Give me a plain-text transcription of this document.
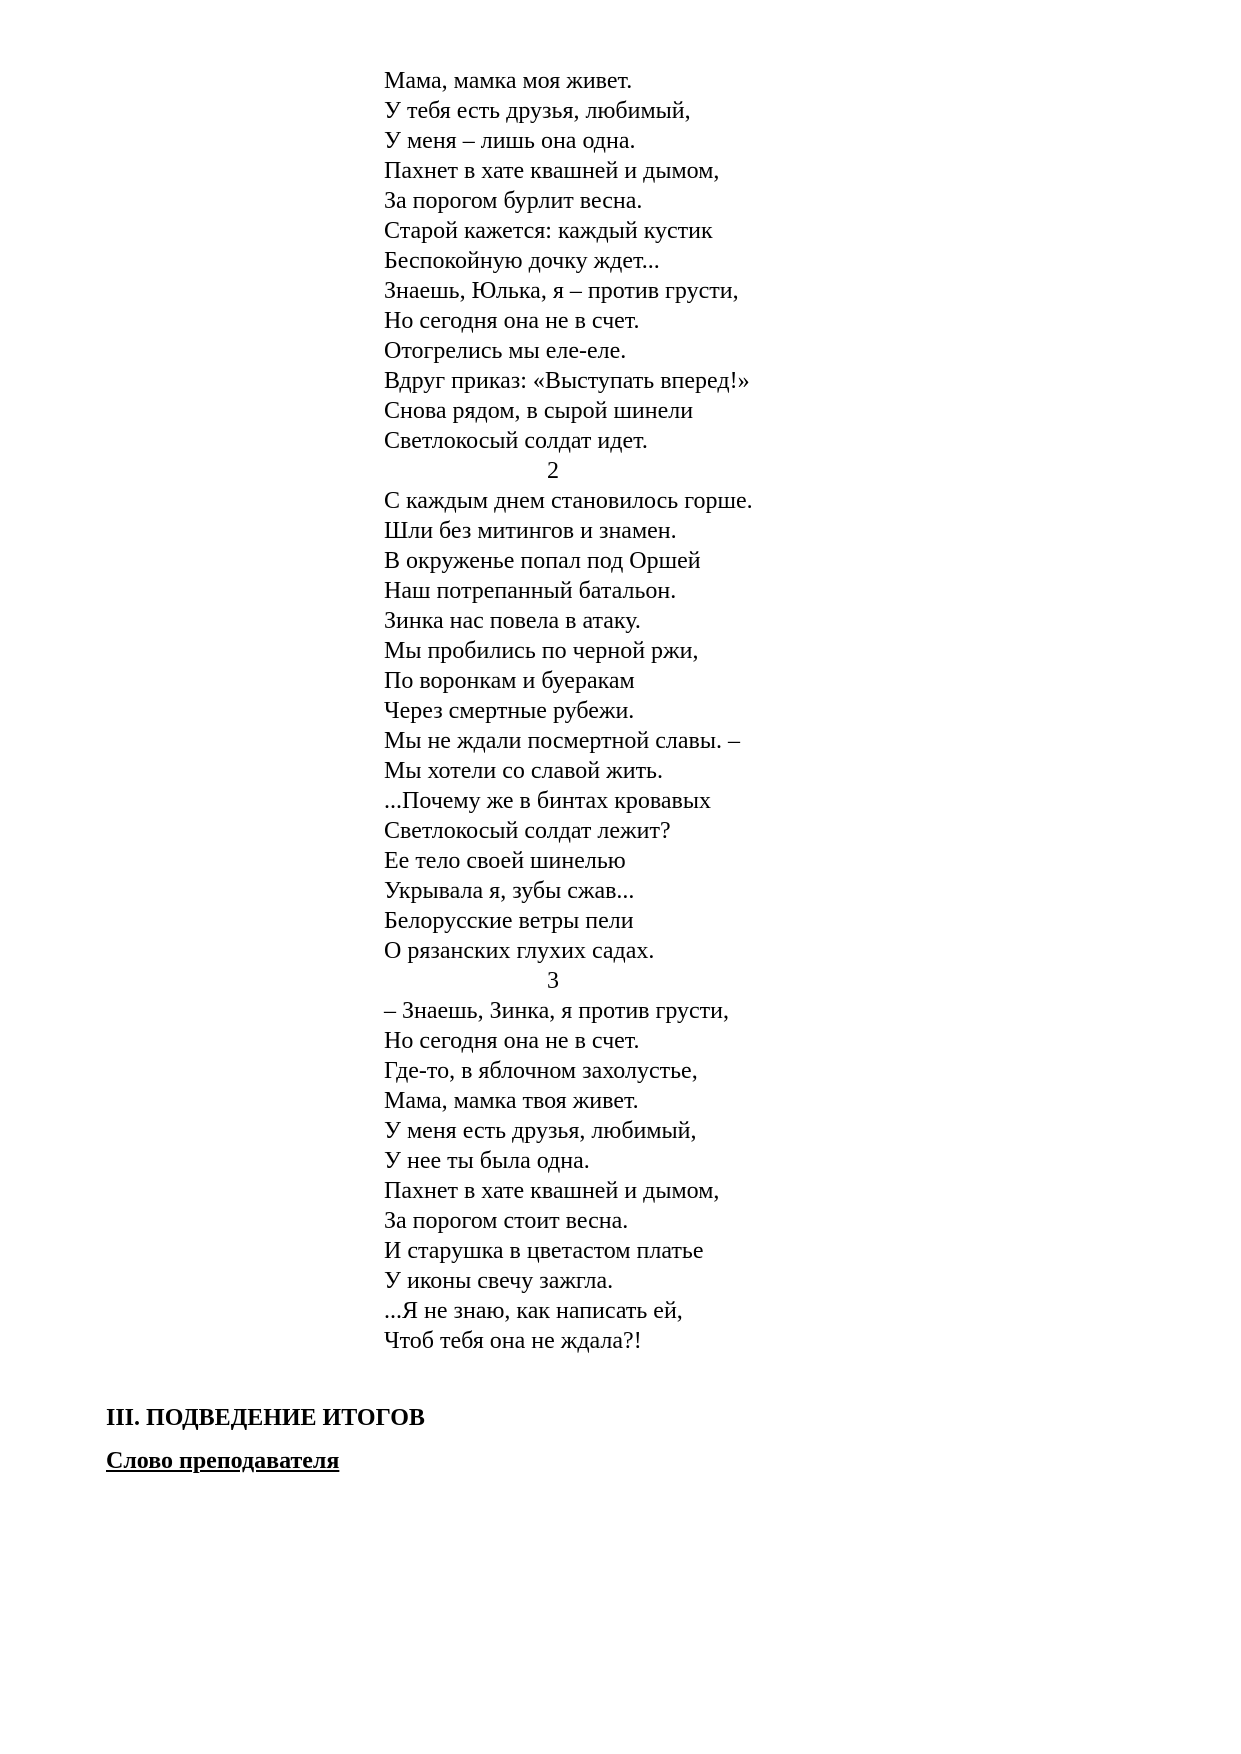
Мама, мамка моя живет.
У тебя есть друзья, любимый,
У меня – лишь она одна.
Пахнет в хате квашней и дымом,
За порогом бурлит весна.
Старой кажется: каждый кустик
Беспокойную дочку ждет...
Знаешь, Юлька, я – против грусти,
Но сегодня она не в счет.
Отогрелись мы еле-еле.
Вдруг приказ: «Выступать вперед!»
Снова рядом, в сырой шинели
Светлокосый солдат идет.
2
С каждым днем становилось горше.
Шли без митингов и знамен.
В окруженье попал под Оршей
Наш потрепанный батальон.
Зинка нас повела в атаку.
Мы пробились по черной ржи,
По воронкам и буеракам
Через смертные рубежи.
Мы не ждали посмертной славы. –
Мы хотели со славой жить.
...Почему же в бинтах кровавых
Светлокосый солдат лежит?
Ее тело своей шинелью
Укрывала я, зубы сжав...
Белорусские ветры пели
О рязанских глухих садах.
3
– Знаешь, Зинка, я против грусти,
Но сегодня она не в счет.
Где-то, в яблочном захолустье,
Мама, мамка твоя живет.
У меня есть друзья, любимый,
У нее ты была одна.
Пахнет в хате квашней и дымом,
За порогом стоит весна.
И старушка в цветастом платье
У иконы свечу зажгла.
...Я не знаю, как написать ей,
Чтоб тебя она не ждала?!
III. ПОДВЕДЕНИЕ ИТОГОВ
Слово преподавателя
